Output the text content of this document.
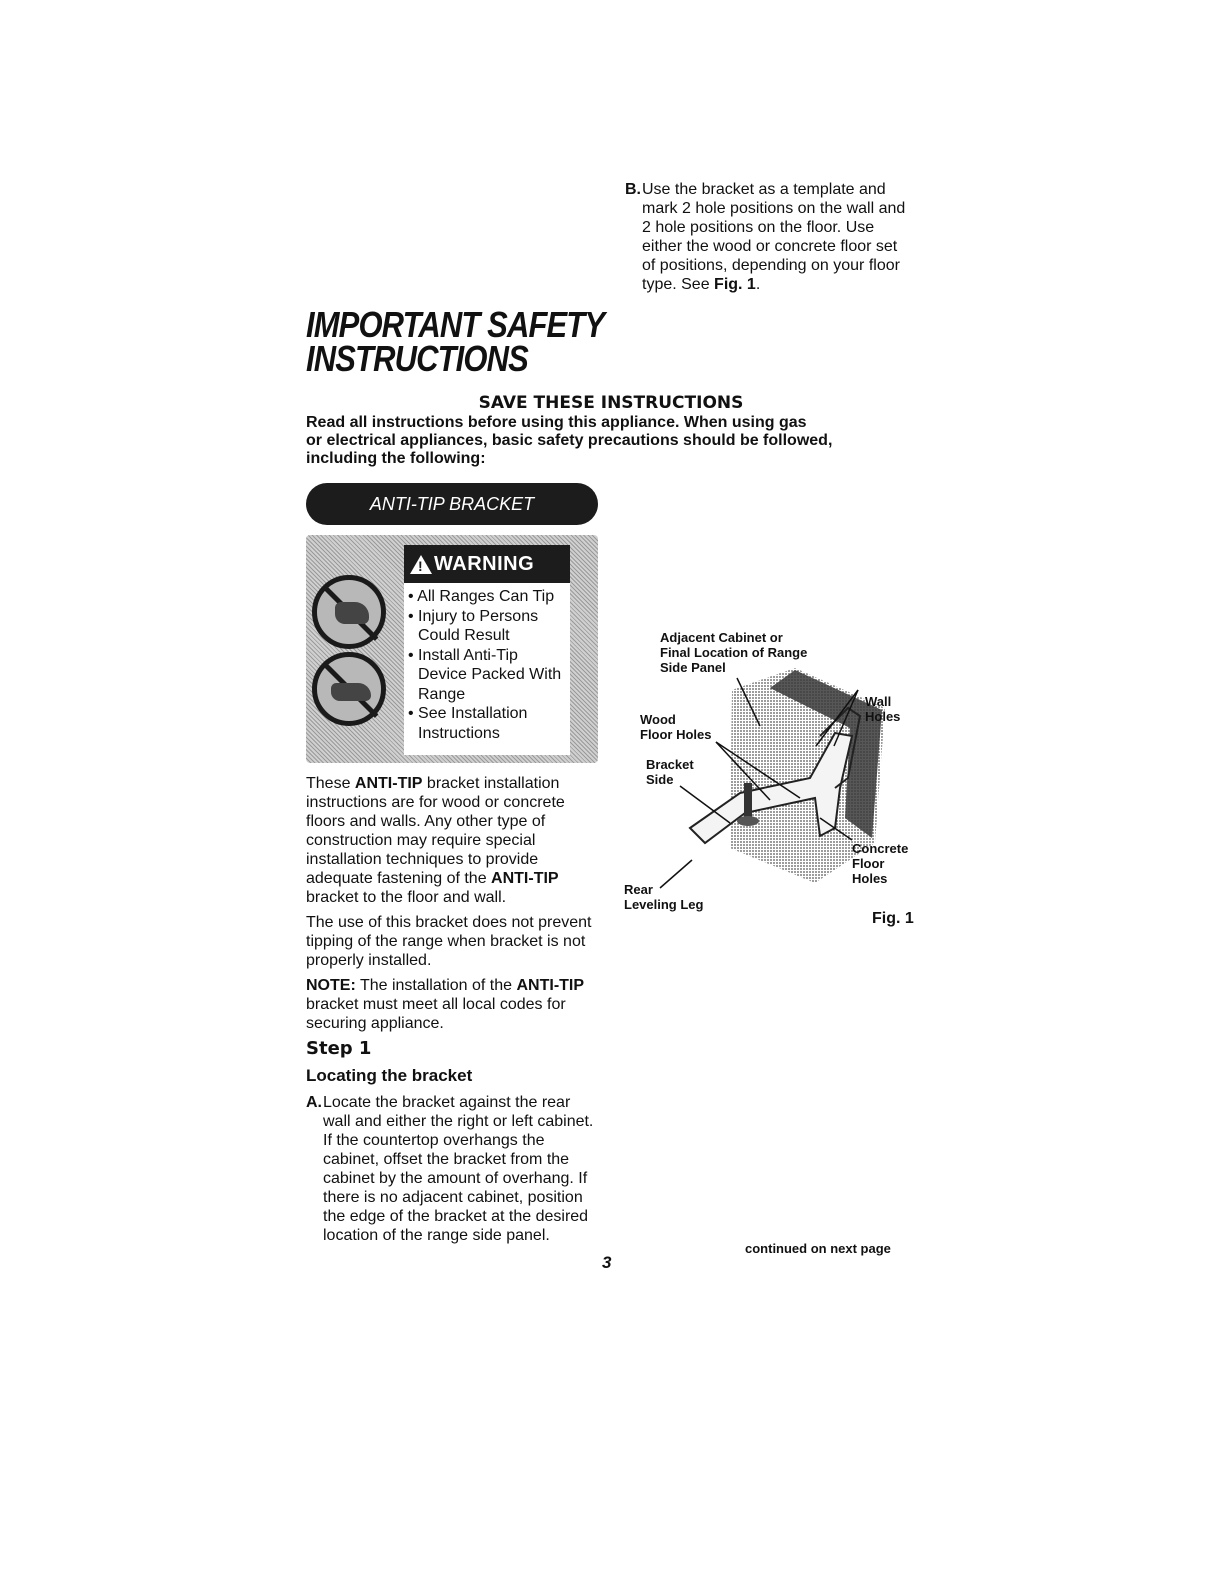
IMPORTANT SAFETY
INSTRUCTIONS
SAVE THESE INSTRUCTIONS
Read all instructions before using this appliance. When using gas
or electrical appliances, basic safety precautions should be followed,
including the following:
ANTI-TIP BRACKET
!
WARNING
• All Ranges Can Tip
• Injury to Persons Could Result
• Install Anti-Tip Device Packed With Range
• See Installation Instructions

These ANTI-TIP bracket installation instructions are for wood or concrete floors and walls. Any other type of construction may require special installation techniques to provide adequate fastening of the ANTI-TIP bracket to the floor and wall.

The use of this bracket does not prevent tipping of the range when bracket is not properly installed.

NOTE: The installation of the ANTI-TIP bracket must meet all local codes for securing appliance.

Step 1
Locating the bracket
A. Locate the bracket against the rear wall and either the right or left cabinet. If the countertop overhangs the cabinet, offset the bracket from the cabinet by the amount of overhang. If there is no adjacent cabinet, position the edge of the bracket at the desired location of the range side panel.
B. Use the bracket as a template and mark 2 hole positions on the wall and 2 hole positions on the floor. Use either the wood or concrete floor set of positions, depending on your floor type. See Fig. 1.
Adjacent Cabinet or
Final Location of Range
Side Panel
Wall
Holes
Wood
Floor Holes
Bracket
Side
Concrete
Floor
Holes
Rear
Leveling Leg
Fig. 1
3
continued on next page
